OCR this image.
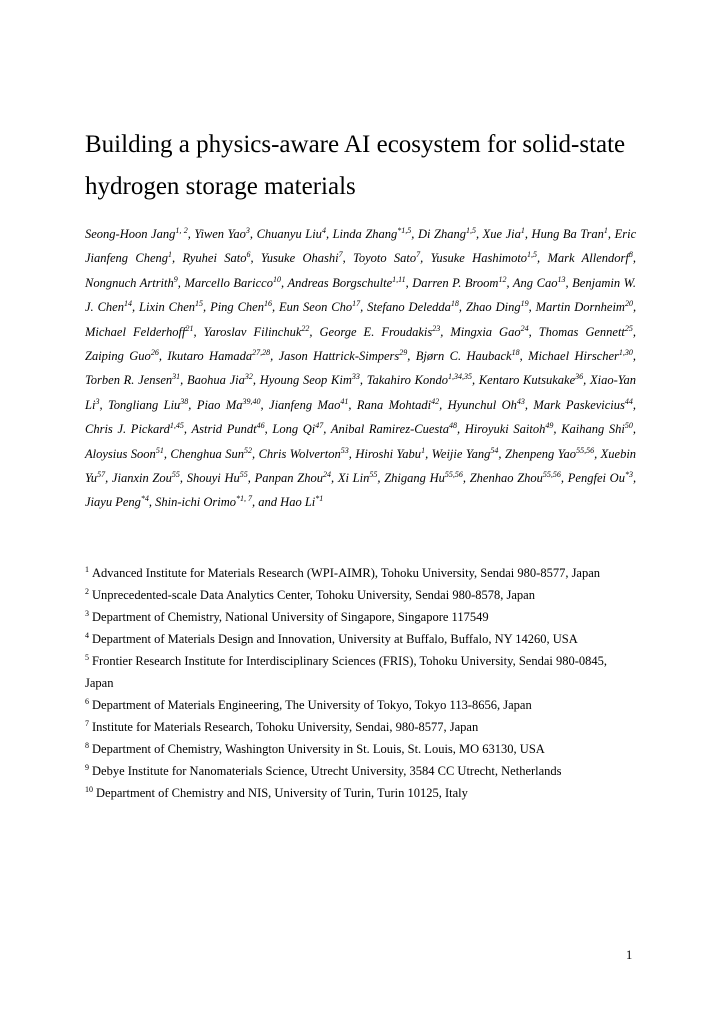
Building a physics-aware AI ecosystem for solid-state hydrogen storage materials

Seong-Hoon Jang$^{1, 2}$, Yiwen Yao$^3$, Chuanyu Liu$^4$, Linda Zhang$^{*1,5}$, Di Zhang$^{1,5}$, Xue Jia$^1$, Hung Ba Tran$^1$, Eric Jianfeng Cheng$^1$, Ryuhei Sato$^6$, Yusuke Ohashi$^7$, Toyoto Sato$^7$, Yusuke Hashimoto$^{1,5}$, Mark Allendorf$^8$, Nongnuch Artrith$^9$, Marcello Baricco$^{10}$, Andreas Borgschulte$^{1,11}$, Darren P. Broom$^{12}$, Ang Cao$^{13}$, Benjamin W. J. Chen$^{14}$, Lixin Chen$^{15}$, Ping Chen$^{16}$, Eun Seon Cho$^{17}$, Stefano Deledda$^{18}$, Zhao Ding$^{19}$, Martin Dornheim$^{20}$, Michael Felderhoff$^{21}$, Yaroslav Filinchuk$^{22}$, George E. Froudakis$^{23}$, Mingxia Gao$^{24}$, Thomas Gennett$^{25}$, Zaiping Guo$^{26}$, Ikutaro Hamada$^{27,28}$, Jason Hattrick-Simpers$^{29}$, Bjørn C. Hauback$^{18}$, Michael Hirscher$^{1,30}$, Torben R. Jensen$^{31}$, Baohua Jia$^{32}$, Hyoung Seop Kim$^{33}$, Takahiro Kondo$^{1,34,35}$, Kentaro Kutsukake$^{36}$, Xiao-Yan Li$^3$, Tongliang Liu$^{38}$, Piao Ma$^{39,40}$, Jianfeng Mao$^{41}$, Rana Mohtadi$^{42}$, Hyunchul Oh$^{43}$, Mark Paskevicius$^{44}$, Chris J. Pickard$^{1,45}$, Astrid Pundt$^{46}$, Long Qi$^{47}$, Anibal Ramirez-Cuesta$^{48}$, Hiroyuki Saitoh$^{49}$, Kaihang Shi$^{50}$, Aloysius Soon$^{51}$, Chenghua Sun$^{52}$, Chris Wolverton$^{53}$, Hiroshi Yabu$^1$, Weijie Yang$^{54}$, Zhenpeng Yao$^{55,56}$, Xuebin Yu$^{57}$, Jianxin Zou$^{55}$, Shouyi Hu$^{55}$, Panpan Zhou$^{24}$, Xi Lin$^{55}$, Zhigang Hu$^{55,56}$, Zhenhao Zhou$^{55,56}$, Pengfei Ou$^{*3}$, Jiayu Peng$^{*4}$, Shin-ichi Orimo$^{*1, 7}$, and Hao Li$^{*1}$

$^1$ Advanced Institute for Materials Research (WPI-AIMR), Tohoku University, Sendai 980-8577, Japan
$^2$ Unprecedented-scale Data Analytics Center, Tohoku University, Sendai 980-8578, Japan
$^3$ Department of Chemistry, National University of Singapore, Singapore 117549
$^4$ Department of Materials Design and Innovation, University at Buffalo, Buffalo, NY 14260, USA
$^5$ Frontier Research Institute for Interdisciplinary Sciences (FRIS), Tohoku University, Sendai 980-0845, Japan
$^6$ Department of Materials Engineering, The University of Tokyo, Tokyo 113-8656, Japan
$^7$ Institute for Materials Research, Tohoku University, Sendai, 980-8577, Japan
$^8$ Department of Chemistry, Washington University in St. Louis, St. Louis, MO 63130, USA
$^9$ Debye Institute for Nanomaterials Science, Utrecht University, 3584 CC Utrecht, Netherlands
$^{10}$ Department of Chemistry and NIS, University of Turin, Turin 10125, Italy
1
